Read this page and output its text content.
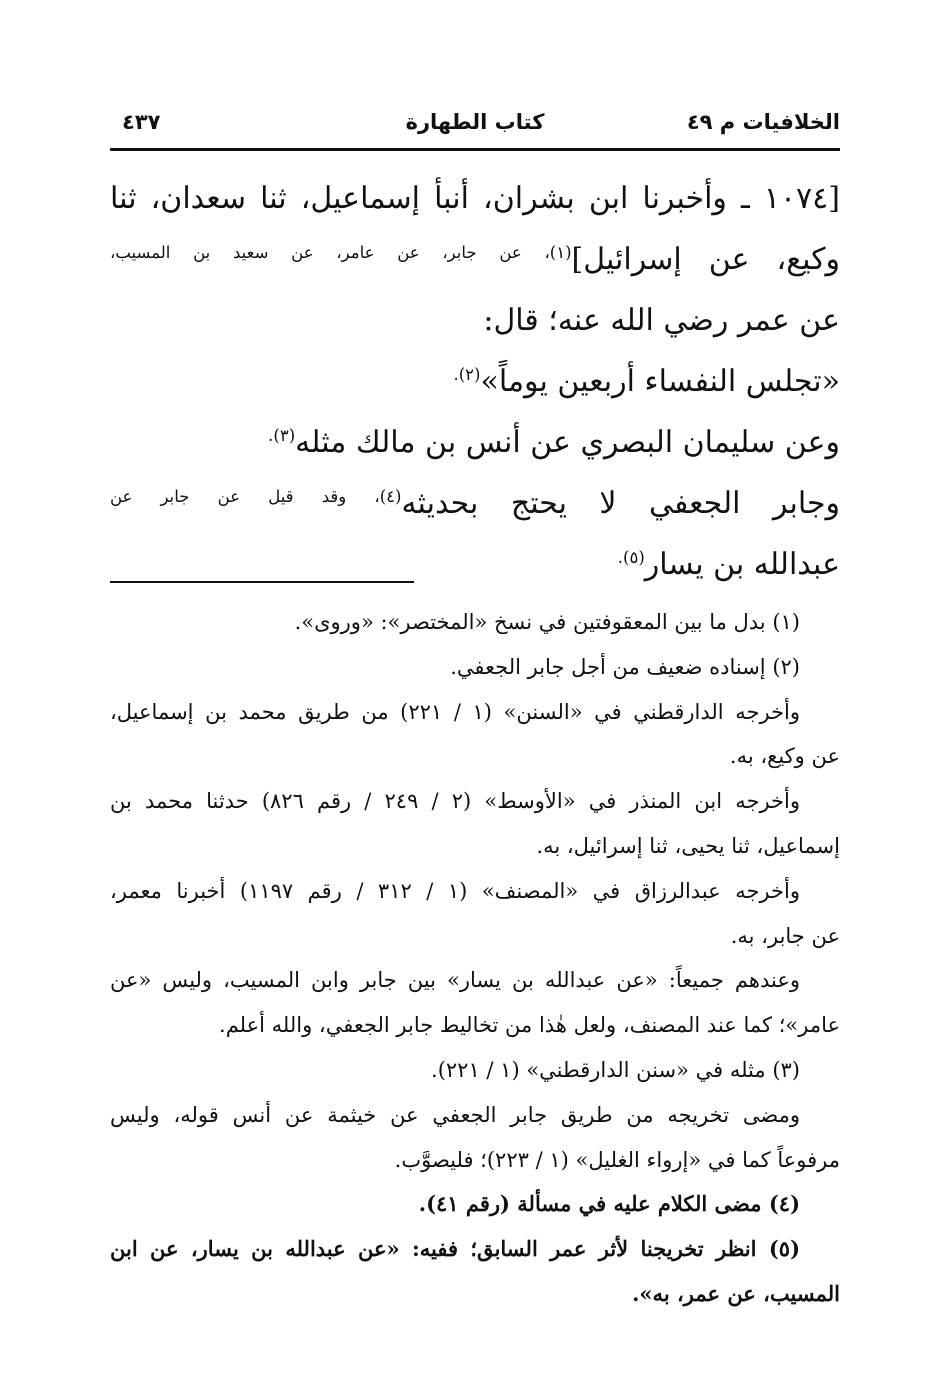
الخلافيات م ٤٩
كتاب الطهارة
٤٣٧
[١٠٧٤ ـ وأخبرنا ابن بشران، أنبأ إسماعيل، ثنا سعدان، ثنا
وكيع، عن إسرائيل]$^{(١)، عن جابر، عن عامر، عن سعيد بن المسيب،}$
عن عمر رضي الله عنه؛ قال:
«تجلس النفساء أربعين يوماً»$^{(٢).}$
وعن سليمان البصري عن أنس بن مالك مثله$^{(٣).}$
وجابر الجعفي لا يحتج بحديثه$^{(٤)، وقد قيل عن جابر عن}$
عبدالله بن يسار$^{(٥).}$
(١) بدل ما بين المعقوفتين في نسخ «المختصر»: «وروى».
(٢) إسناده ضعيف من أجل جابر الجعفي.
وأخرجه الدارقطني في «السنن» (١ / ٢٢١) من طريق محمد بن إسماعيل،
عن وكيع، به.
وأخرجه ابن المنذر في «الأوسط» (٢ / ٢٤٩ / رقم ٨٢٦) حدثنا محمد بن
إسماعيل، ثنا يحيى، ثنا إسرائيل، به.
وأخرجه عبدالرزاق في «المصنف» (١ / ٣١٢ / رقم ١١٩٧) أخبرنا معمر،
عن جابر، به.
وعندهم جميعاً: «عن عبدالله بن يسار» بين جابر وابن المسيب، وليس «عن
عامر»؛ كما عند المصنف، ولعل هٰذا من تخاليط جابر الجعفي، والله أعلم.
(٣) مثله في «سنن الدارقطني» (١ / ٢٢١).
ومضى تخريجه من طريق جابر الجعفي عن خيثمة عن أنس قوله، وليس
مرفوعاً كما في «إرواء الغليل» (١ / ٢٢٣)؛ فليصوَّب.
(٤) مضى الكلام عليه في مسألة (رقم ٤١).
(٥) انظر تخريجنا لأثر عمر السابق؛ ففيه: «عن عبدالله بن يسار، عن ابن
المسيب، عن عمر، به».
